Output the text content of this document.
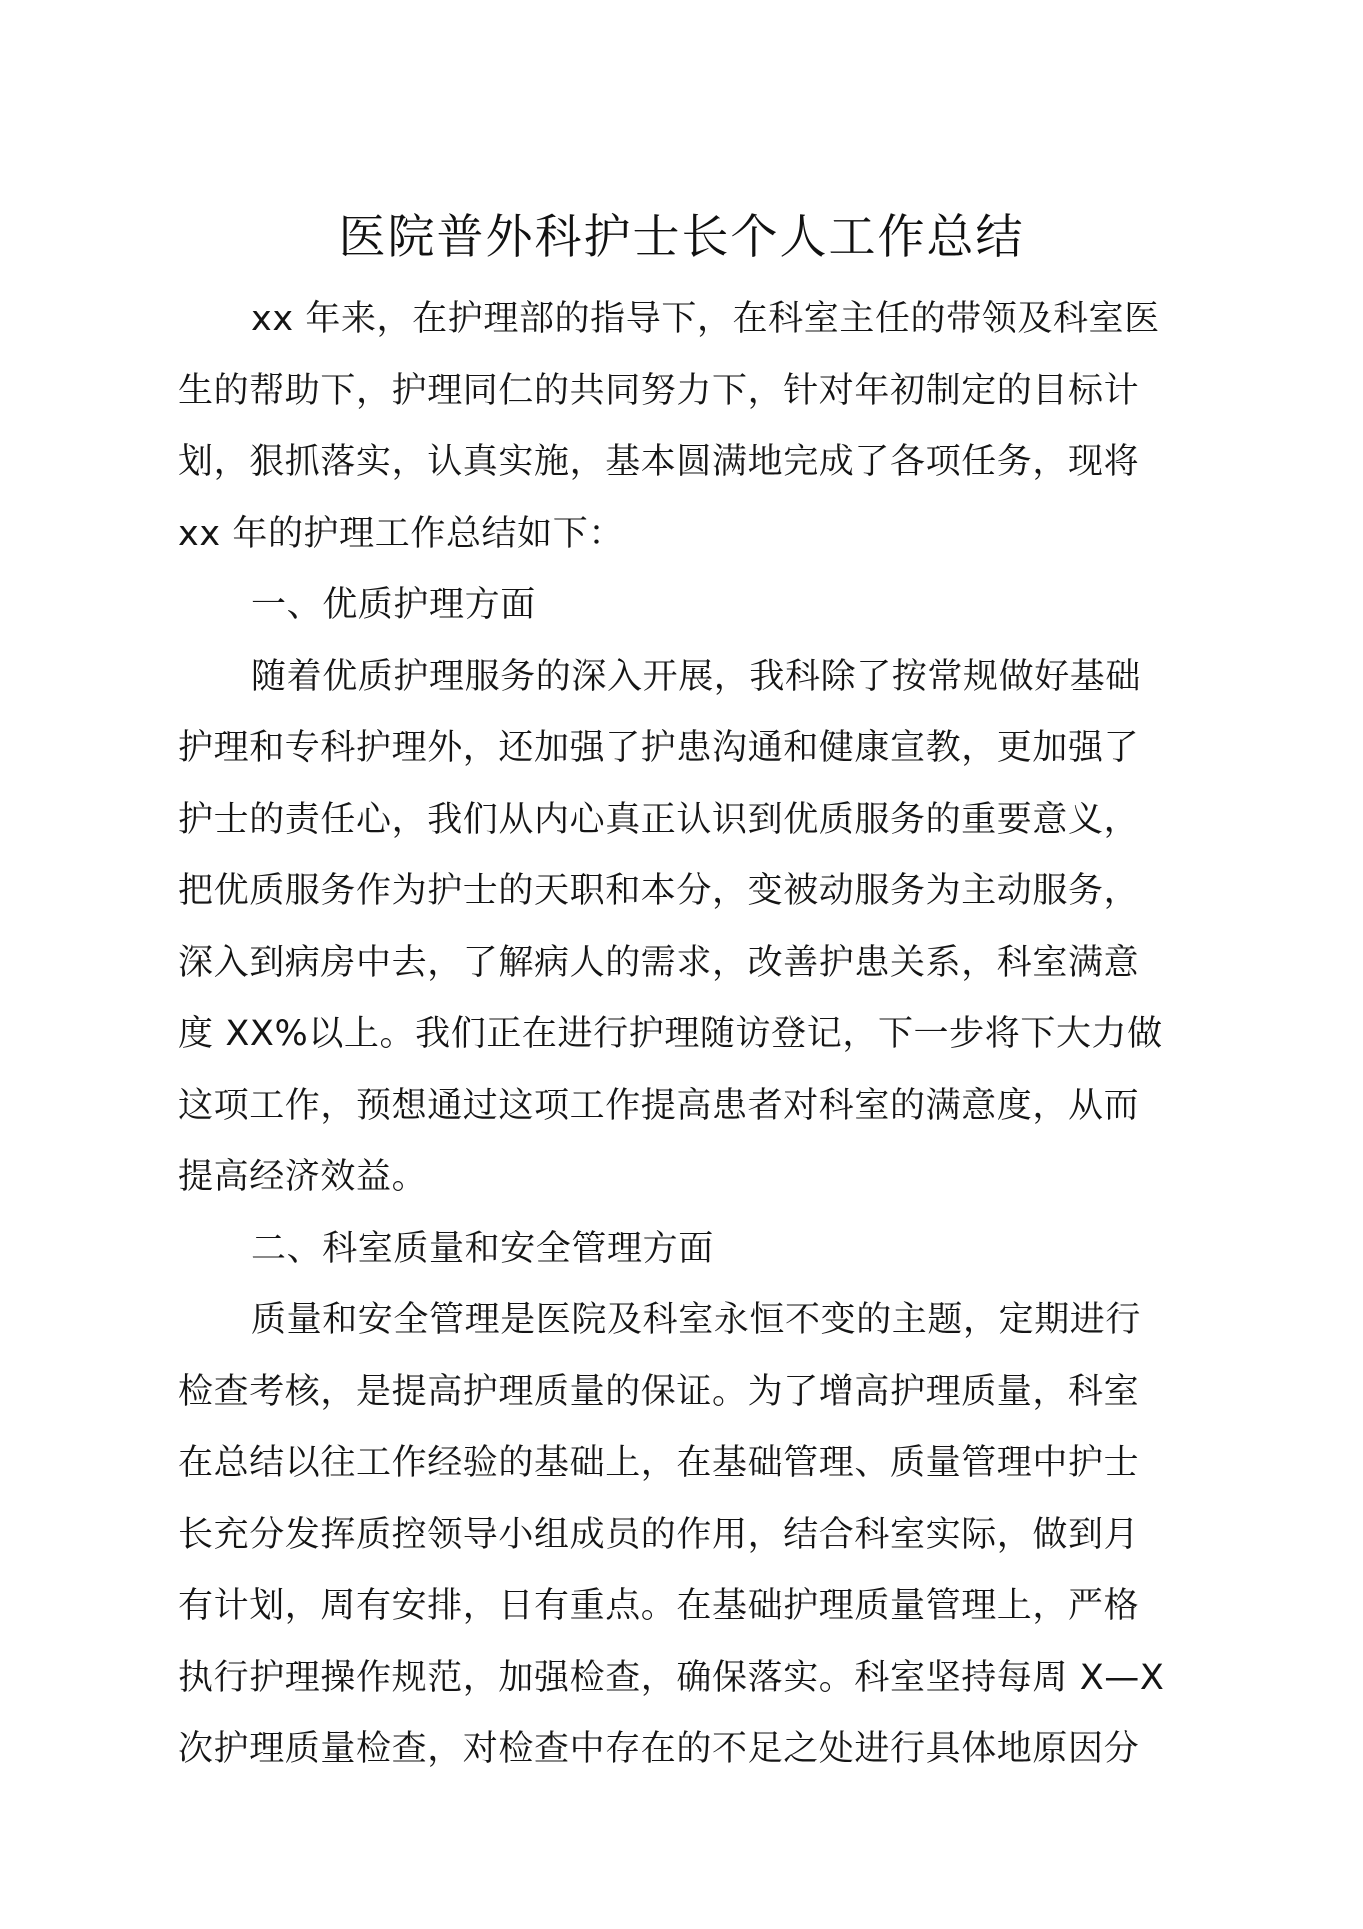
医院普外科护士长个人工作总结
xx 年来，在护理部的指导下，在科室主任的带领及科室医
生的帮助下，护理同仁的共同努力下，针对年初制定的目标计
划，狠抓落实，认真实施，基本圆满地完成了各项任务，现将
xx 年的护理工作总结如下：
一、优质护理方面
随着优质护理服务的深入开展，我科除了按常规做好基础
护理和专科护理外，还加强了护患沟通和健康宣教，更加强了
护士的责任心，我们从内心真正认识到优质服务的重要意义，
把优质服务作为护士的天职和本分，变被动服务为主动服务，
深入到病房中去，了解病人的需求，改善护患关系，科室满意
度 XX%以上。我们正在进行护理随访登记，下一步将下大力做
这项工作，预想通过这项工作提高患者对科室的满意度，从而
提高经济效益。
二、科室质量和安全管理方面
质量和安全管理是医院及科室永恒不变的主题，定期进行
检查考核，是提高护理质量的保证。为了增高护理质量，科室
在总结以往工作经验的基础上，在基础管理、质量管理中护士
长充分发挥质控领导小组成员的作用，结合科室实际，做到月
有计划，周有安排，日有重点。在基础护理质量管理上，严格
执行护理操作规范，加强检查，确保落实。科室坚持每周 X—X
次护理质量检查，对检查中存在的不足之处进行具体地原因分
